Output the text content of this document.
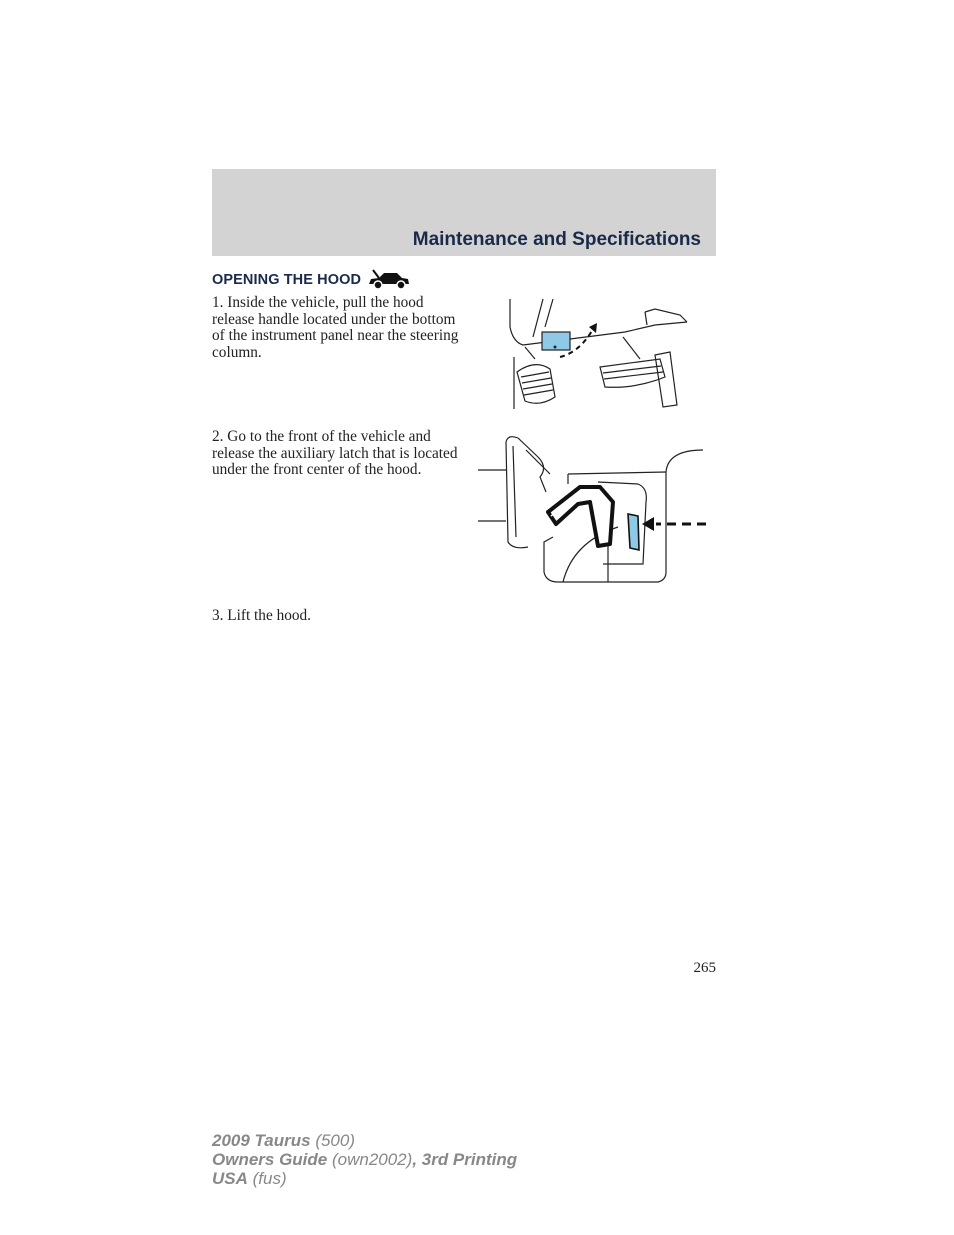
Maintenance and Specifications
OPENING THE HOOD
1. Inside the vehicle, pull the hood release handle located under the bottom of the instrument panel near the steering column.
2. Go to the front of the vehicle and release the auxiliary latch that is located under the front center of the hood.
3. Lift the hood.
265
2009 Taurus (500)
Owners Guide (own2002), 3rd Printing
USA (fus)
